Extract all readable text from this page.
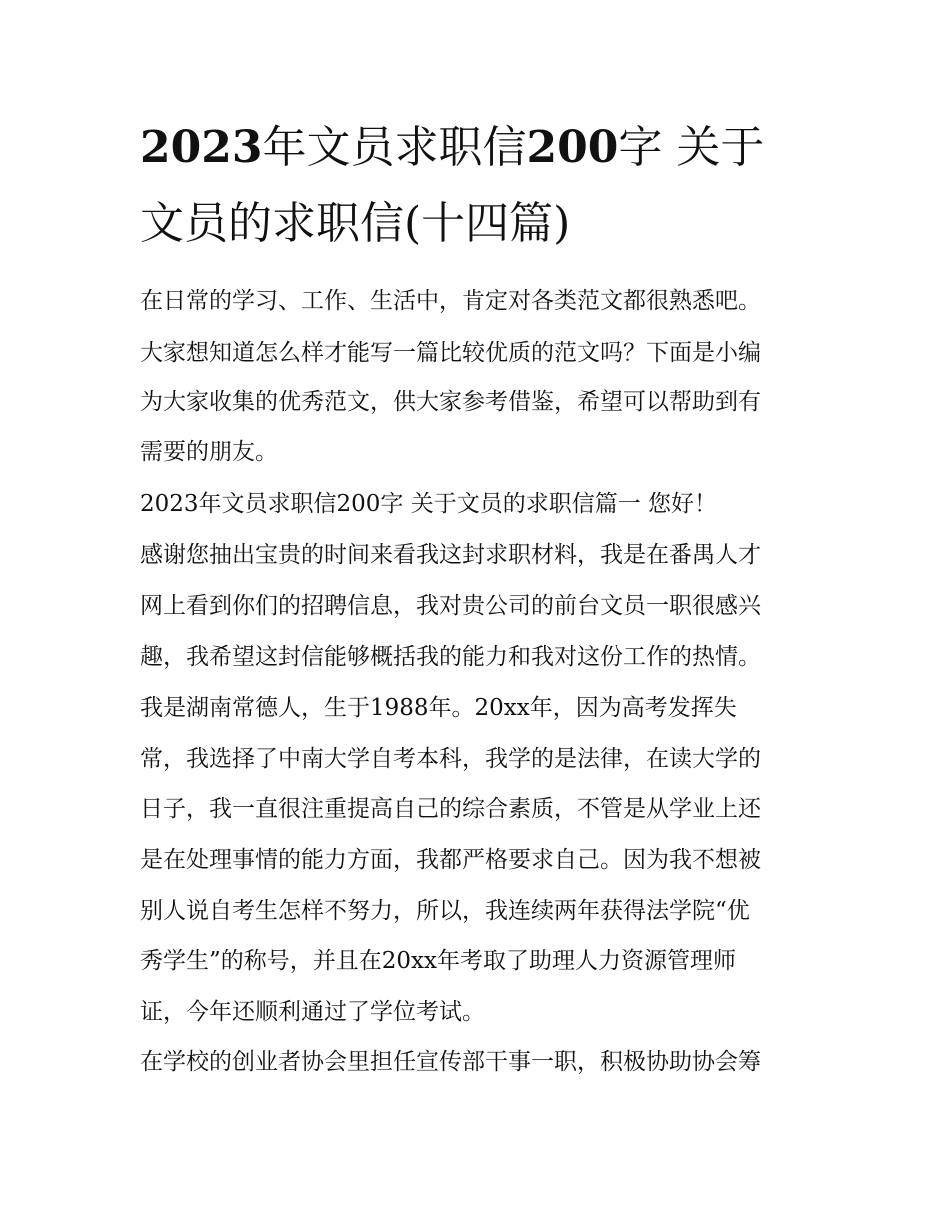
2023年文员求职信200字 关于
文员的求职信(十四篇)
在日常的学习、工作、生活中，肯定对各类范文都很熟悉吧。
大家想知道怎么样才能写一篇比较优质的范文吗？下面是小编
为大家收集的优秀范文，供大家参考借鉴，希望可以帮助到有
需要的朋友。
2023年文员求职信200字 关于文员的求职信篇一 您好！
感谢您抽出宝贵的时间来看我这封求职材料，我是在番禺人才
网上看到你们的招聘信息，我对贵公司的前台文员一职很感兴
趣，我希望这封信能够概括我的能力和我对这份工作的热情。
我是湖南常德人，生于1988年。20xx年，因为高考发挥失
常，我选择了中南大学自考本科，我学的是法律，在读大学的
日子，我一直很注重提高自己的综合素质，不管是从学业上还
是在处理事情的能力方面，我都严格要求自己。因为我不想被
别人说自考生怎样不努力，所以，我连续两年获得法学院“优
秀学生”的称号，并且在20xx年考取了助理人力资源管理师
证，今年还顺利通过了学位考试。
在学校的创业者协会里担任宣传部干事一职，积极协助协会筹
